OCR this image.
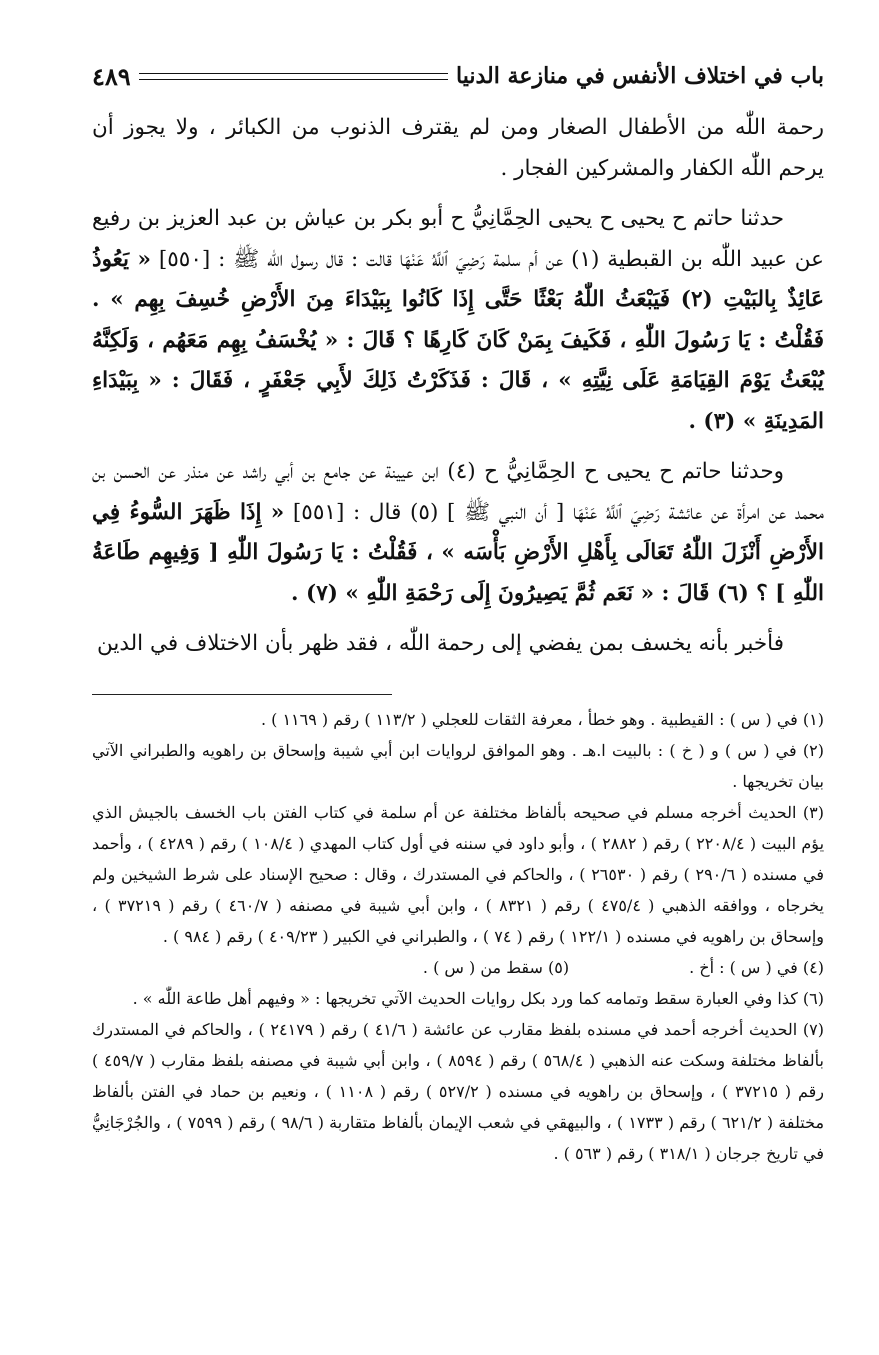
باب في اختلاف الأنفس في منازعة الدنيا
٤٨٩

رحمة اللّٰه من الأطفال الصغار ومن لم يقترف الذنوب من الكبائر ، ولا يجوز أن يرحم اللّٰه الكفار والمشركين الفجار .

حدثنا حاتم ح يحيى ح يحيى الحِمَّانِيُّ ح أبو بكر بن عياش بن عبد العزيز بن رفيع عن عبيد اللّٰه بن القبطية (١) عن أم سلمة رَضِيَ ٱللَّهُ عَنْهَا قالت : قال رسول اللّٰه ﷺ : [٥٥٠] « يَعُوذُ عَائِذٌ بِالبَيْتِ (٢) فَيَبْعَثُ اللّٰهُ بَعْثًا حَتَّى إِذَا كَانُوا بِبَيْدَاءَ مِنَ الأَرْضِ خُسِفَ بِهِم » . فَقُلْتُ : يَا رَسُولَ اللّٰهِ ، فَكَيفَ بِمَنْ كَانَ كَارِهًا ؟ قَالَ : « يُخْسَفُ بِهِم مَعَهُم ، وَلَكِنَّهُ يُبْعَثُ يَوْمَ القِيَامَةِ عَلَى نِيَّتِهِ » ، قَالَ : فَذَكَرْتُ ذَلِكَ لأَبِي جَعْفَرٍ ، فَقَالَ : « بِبَيْدَاءِ المَدِينَةِ » (٣) .

وحدثنا حاتم ح يحيى ح الحِمَّانِيُّ ح (٤) ابن عيينة عن جامع بن أبي راشد عن منذر عن الحسن بن محمد عن امرأة عن عائشة رَضِيَ ٱللَّهُ عَنْهَا [ أن النبي ﷺ ] (٥) قال : [٥٥١] « إِذَا ظَهَرَ السُّوءُ فِي الأَرْضِ أَنْزَلَ اللّٰهُ تَعَالَى بِأَهْلِ الأَرْضِ بَأْسَه » ، فَقُلْتُ : يَا رَسُولَ اللّٰهِ [ وَفِيهِم طَاعَةُ اللّٰهِ ] ؟ (٦) قَالَ : « نَعَم ثُمَّ يَصِيرُونَ إِلَى رَحْمَةِ اللّٰهِ » (٧) .

فأخبر بأنه يخسف بمن يفضي إلى رحمة اللّٰه ، فقد ظهر بأن الاختلاف في الدين

(١) في ( س ) : القيطبية . وهو خطأ ، معرفة الثقات للعجلي ( ١١٣/٢ ) رقم ( ١١٦٩ ) .

(٢) في ( س ) و ( خ ) : بالبيت ا.هـ . وهو الموافق لروايات ابن أبي شيبة وإسحاق بن راهويه والطبراني الآتي بيان تخريجها .

(٣) الحديث أخرجه مسلم في صحيحه بألفاظ مختلفة عن أم سلمة في كتاب الفتن باب الخسف بالجيش الذي يؤم البيت ( ٢٢٠٨/٤ ) رقم ( ٢٨٨٢ ) ، وأبو داود في سننه في أول كتاب المهدي ( ١٠٨/٤ ) رقم ( ٤٢٨٩ ) ، وأحمد في مسنده ( ٢٩٠/٦ ) رقم ( ٢٦٥٣٠ ) ، والحاكم في المستدرك ، وقال : صحيح الإسناد على شرط الشيخين ولم يخرجاه ، ووافقه الذهبي ( ٤٧٥/٤ ) رقم ( ٨٣٢١ ) ، وابن أبي شيبة في مصنفه ( ٤٦٠/٧ ) رقم ( ٣٧٢١٩ ) ، وإسحاق بن راهويه في مسنده ( ١٢٢/١ ) رقم ( ٧٤ ) ، والطبراني في الكبير ( ٤٠٩/٢٣ ) رقم ( ٩٨٤ ) .

(٤) في ( س ) : أخ .

(٥) سقط من ( س ) .

(٦) كذا وفي العبارة سقط وتمامه كما ورد بكل روايات الحديث الآتي تخريجها : « وفيهم أهل طاعة اللّٰه » .

(٧) الحديث أخرجه أحمد في مسنده بلفظ مقارب عن عائشة ( ٤١/٦ ) رقم ( ٢٤١٧٩ ) ، والحاكم في المستدرك بألفاظ مختلفة وسكت عنه الذهبي ( ٥٦٨/٤ ) رقم ( ٨٥٩٤ ) ، وابن أبي شيبة في مصنفه بلفظ مقارب ( ٤٥٩/٧ ) رقم ( ٣٧٢١٥ ) ، وإسحاق بن راهويه في مسنده ( ٥٢٧/٢ ) رقم ( ١١٠٨ ) ، ونعيم بن حماد في الفتن بألفاظ مختلفة ( ٦٢١/٢ ) رقم ( ١٧٣٣ ) ، والبيهقي في شعب الإيمان بألفاظ متقاربة ( ٩٨/٦ ) رقم ( ٧٥٩٩ ) ، والجُرْجَانِيُّ في تاريخ جرجان ( ٣١٨/١ ) رقم ( ٥٦٣ ) .
